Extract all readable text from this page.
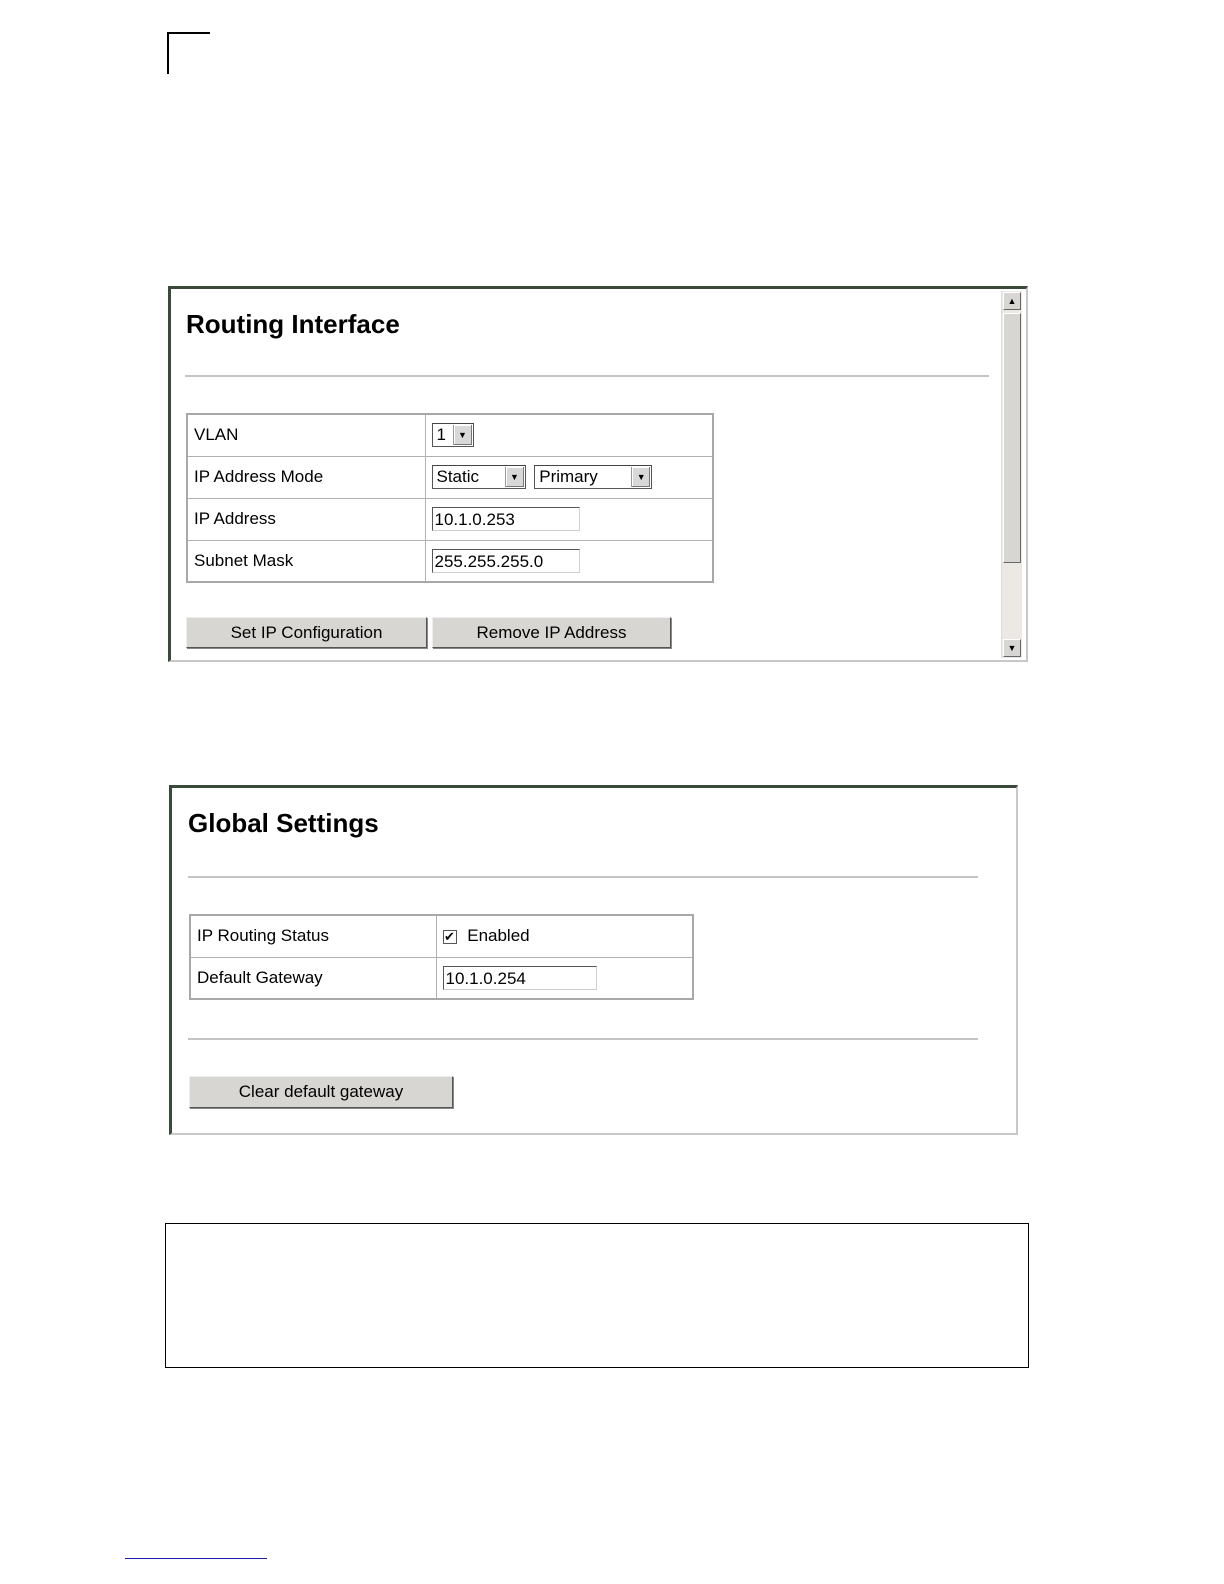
Routing Interface
VLAN	1 ▼

IP Address Mode	Static ▼
Primary ▼

IP Address	10.1.0.253
Subnet Mask	255.255.255.0
Set IP Configuration	Remove IP Address
▲
▼
Global Settings
IP Routing Status	✔ Enabled
Default Gateway	10.1.0.254
Clear default gateway
